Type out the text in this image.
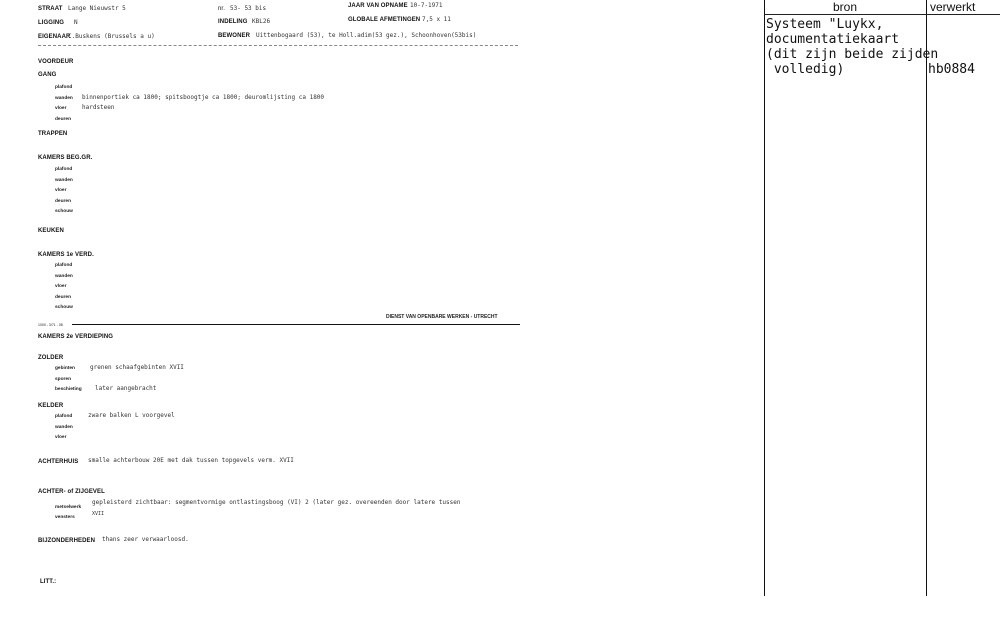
STRAAT Lange Nieuwstr 5	nr. 53- 53 bis	JAAR VAN OPNAME 10-7-1971
LIGGING N	INDELING KBL26	GLOBALE AFMETINGEN 7,5 x 11
EIGENAAR
C.Buskens (Brussels a u)	BEWONER Uittenbogaard (53), te Holl.adim(53 gez.), Schoonhoven(53bis)
VOORDEUR
GANG
plafond
wanden binnenportiek ca 1800; spitsboogtje ca 1800; deuromlijsting ca 1800
vloer	hardsteen
deuren
TRAPPEN
KAMERS BEG.GR.
plafond
wanden
vloer
deuren
schouw
KEUKEN
KAMERS 1e VERD.
plafond
wanden
vloer
deuren
schouw
DIENST VAN OPENBARE WERKEN - UTRECHT
1000 - 3/71 - 08
KAMERS 2e VERDIEPING
ZOLDER
gebinten	grenen schaafgebinten XVII
sporen
beschieting later aangebracht
KELDER
plafond	zware balken L voorgevel
wanden
vloer
ACHTERHUIS smalle achterbouw 20E met dak tussen topgevels verm. XVII
ACHTER- of ZIJGEVEL
metselwerk
gepleisterd zichtbaar: segmentvormige ontlastingsboog (VI) 2 (later gez. overeenden door latere tussen
vensters
XVII
BIJZONDERHEDEN thans zeer verwaarloosd.
LITT.:
bron	verwerkt
Systeem "Luykx,
documentatiekaart
(dit zijn beide zijden
volledig)	hb0884
